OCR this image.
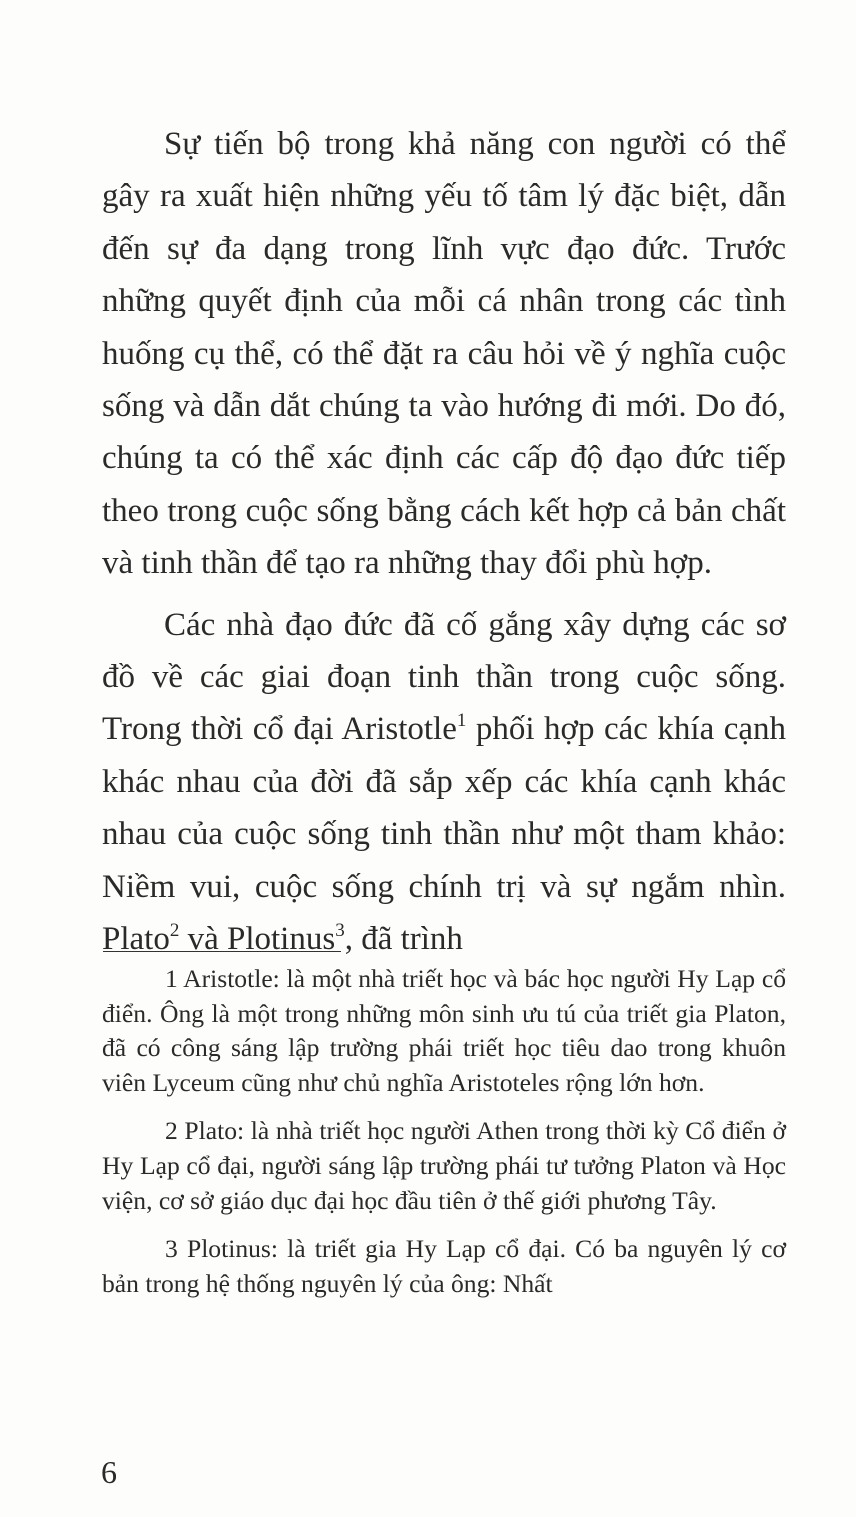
Sự tiến bộ trong khả năng con người có thể gây ra xuất hiện những yếu tố tâm lý đặc biệt, dẫn đến sự đa dạng trong lĩnh vực đạo đức. Trước những quyết định của mỗi cá nhân trong các tình huống cụ thể, có thể đặt ra câu hỏi về ý nghĩa cuộc sống và dẫn dắt chúng ta vào hướng đi mới. Do đó, chúng ta có thể xác định các cấp độ đạo đức tiếp theo trong cuộc sống bằng cách kết hợp cả bản chất và tinh thần để tạo ra những thay đổi phù hợp.

Các nhà đạo đức đã cố gắng xây dựng các sơ đồ về các giai đoạn tinh thần trong cuộc sống. Trong thời cổ đại Aristotle$^1$ phối hợp các khía cạnh khác nhau của đời đã sắp xếp các khía cạnh khác nhau của cuộc sống tinh thần như một tham khảo: Niềm vui, cuộc sống chính trị và sự ngắm nhìn. Plato$^2$ và Plotinus$^3$, đã trình

1 Aristotle: là một nhà triết học và bác học người Hy Lạp cổ điển. Ông là một trong những môn sinh ưu tú của triết gia Platon, đã có công sáng lập trường phái triết học tiêu dao trong khuôn viên Lyceum cũng như chủ nghĩa Aristoteles rộng lớn hơn.

2 Plato: là nhà triết học người Athen trong thời kỳ Cổ điển ở Hy Lạp cổ đại, người sáng lập trường phái tư tưởng Platon và Học viện, cơ sở giáo dục đại học đầu tiên ở thế giới phương Tây.

3 Plotinus: là triết gia Hy Lạp cổ đại. Có ba nguyên lý cơ bản trong hệ thống nguyên lý của ông: Nhất

6
